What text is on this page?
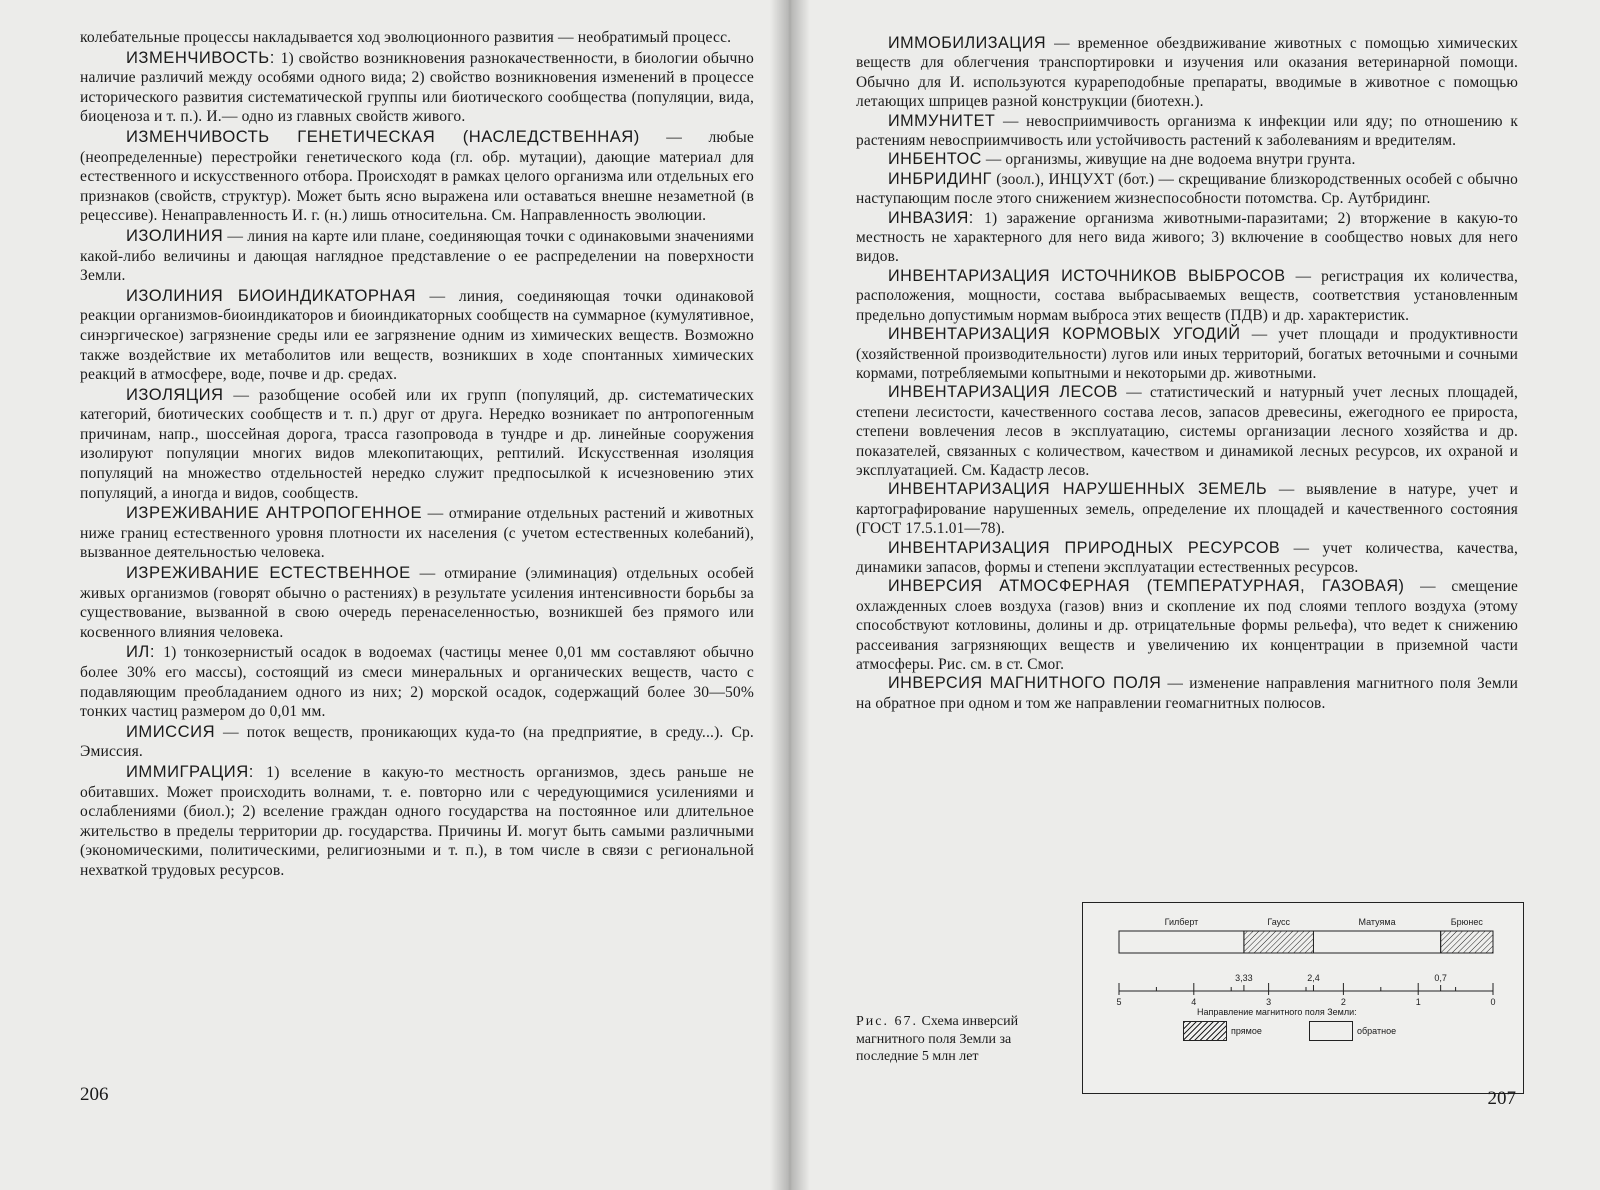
колебательные процессы накладывается ход эволюционного развития — необратимый процесс.

ИЗМЕНЧИВОСТЬ: 1) свойство возникновения разнокачественности, в биологии обычно наличие различий между особями одного вида; 2) свойство возникновения изменений в процессе исторического развития систематической группы или биотического сообщества (популяции, вида, биоценоза и т. п.). И.— одно из главных свойств живого.

ИЗМЕНЧИВОСТЬ ГЕНЕТИЧЕСКАЯ (НАСЛЕДСТВЕННАЯ) — любые (неопределенные) перестройки генетического кода (гл. обр. мутации), дающие материал для естественного и искусственного отбора. Происходят в рамках целого организма или отдельных его признаков (свойств, структур). Может быть ясно выражена или оставаться внешне незаметной (в рецессиве). Ненаправленность И. г. (н.) лишь относительна. См. Направленность эволюции.

ИЗОЛИНИЯ — линия на карте или плане, соединяющая точки с одинаковыми значениями какой-либо величины и дающая наглядное представление о ее распределении на поверхности Земли.

ИЗОЛИНИЯ БИОИНДИКАТОРНАЯ — линия, соединяющая точки одинаковой реакции организмов-биоиндикаторов и биоиндикаторных сообществ на суммарное (кумулятивное, синэргическое) загрязнение среды или ее загрязнение одним из химических веществ. Возможно также воздействие их метаболитов или веществ, возникших в ходе спонтанных химических реакций в атмосфере, воде, почве и др. средах.

ИЗОЛЯЦИЯ — разобщение особей или их групп (популяций, др. систематических категорий, биотических сообществ и т. п.) друг от друга. Нередко возникает по антропогенным причинам, напр., шоссейная дорога, трасса газопровода в тундре и др. линейные сооружения изолируют популяции многих видов млекопитающих, рептилий. Искусственная изоляция популяций на множество отдельностей нередко служит предпосылкой к исчезновению этих популяций, а иногда и видов, сообществ.

ИЗРЕЖИВАНИЕ АНТРОПОГЕННОЕ — отмирание отдельных растений и животных ниже границ естественного уровня плотности их населения (с учетом естественных колебаний), вызванное деятельностью человека.

ИЗРЕЖИВАНИЕ ЕСТЕСТВЕННОЕ — отмирание (элиминация) отдельных особей живых организмов (говорят обычно о растениях) в результате усиления интенсивности борьбы за существование, вызванной в свою очередь перенаселенностью, возникшей без прямого или косвенного влияния человека.

ИЛ: 1) тонкозернистый осадок в водоемах (частицы менее 0,01 мм составляют обычно более 30% его массы), состоящий из смеси минеральных и органических веществ, часто с подавляющим преобладанием одного из них; 2) морской осадок, содержащий более 30—50% тонких частиц размером до 0,01 мм.

ИМИССИЯ — поток веществ, проникающих куда-то (на предприятие, в среду...). Ср. Эмиссия.

ИММИГРАЦИЯ: 1) вселение в какую-то местность организмов, здесь раньше не обитавших. Может происходить волнами, т. е. повторно или с чередующимися усилениями и ослаблениями (биол.); 2) вселение граждан одного государства на постоянное или длительное жительство в пределы территории др. государства. Причины И. могут быть самыми различными (экономическими, политическими, религиозными и т. п.), в том числе в связи с региональной нехваткой трудовых ресурсов.

206

ИММОБИЛИЗАЦИЯ — временное обездвиживание животных с помощью химических веществ для облегчения транспортировки и изучения или оказания ветеринарной помощи. Обычно для И. используются курареподобные препараты, вводимые в животное с помощью летающих шприцев разной конструкции (биотехн.).

ИММУНИТЕТ — невосприимчивость организма к инфекции или яду; по отношению к растениям невосприимчивость или устойчивость растений к заболеваниям и вредителям.

ИНБЕНТОС — организмы, живущие на дне водоема внутри грунта.

ИНБРИДИНГ (зоол.), ИНЦУХТ (бот.) — скрещивание близкородственных особей с обычно наступающим после этого снижением жизнеспособности потомства. Ср. Аутбридинг.

ИНВАЗИЯ: 1) заражение организма животными-паразитами; 2) вторжение в какую-то местность не характерного для него вида живого; 3) включение в сообщество новых для него видов.

ИНВЕНТАРИЗАЦИЯ ИСТОЧНИКОВ ВЫБРОСОВ — регистрация их количества, расположения, мощности, состава выбрасываемых веществ, соответствия установленным предельно допустимым нормам выброса этих веществ (ПДВ) и др. характеристик.

ИНВЕНТАРИЗАЦИЯ КОРМОВЫХ УГОДИЙ — учет площади и продуктивности (хозяйственной производительности) лугов или иных территорий, богатых веточными и сочными кормами, потребляемыми копытными и некоторыми др. животными.

ИНВЕНТАРИЗАЦИЯ ЛЕСОВ — статистический и натурный учет лесных площадей, степени лесистости, качественного состава лесов, запасов древесины, ежегодного ее прироста, степени вовлечения лесов в эксплуатацию, системы организации лесного хозяйства и др. показателей, связанных с количеством, качеством и динамикой лесных ресурсов, их охраной и эксплуатацией. См. Кадастр лесов.

ИНВЕНТАРИЗАЦИЯ НАРУШЕННЫХ ЗЕМЕЛЬ — выявление в натуре, учет и картографирование нарушенных земель, определение их площадей и качественного состояния (ГОСТ 17.5.1.01—78).

ИНВЕНТАРИЗАЦИЯ ПРИРОДНЫХ РЕСУРСОВ — учет количества, качества, динамики запасов, формы и степени эксплуатации естественных ресурсов.

ИНВЕРСИЯ АТМОСФЕРНАЯ (ТЕМПЕРАТУРНАЯ, ГАЗОВАЯ) — смещение охлажденных слоев воздуха (газов) вниз и скопление их под слоями теплого воздуха (этому способствуют котловины, долины и др. отрицательные формы рельефа), что ведет к снижению рассеивания загрязняющих веществ и увеличению их концентрации в приземной части атмосферы. Рис. см. в ст. Смог.

ИНВЕРСИЯ МАГНИТНОГО ПОЛЯ — изменение направления магнитного поля Земли на обратное при одном и том же направлении геомагнитных полюсов.

Рис. 67. Схема инверсий магнитного поля Земли за последние 5 млн лет
Гилберт	Гаусс	Матуяма	Брюнес
3,33	2,4	0,7
5	4	3	2	1	0
Направление магнитного поля Земли:
прямое	обратное
207
